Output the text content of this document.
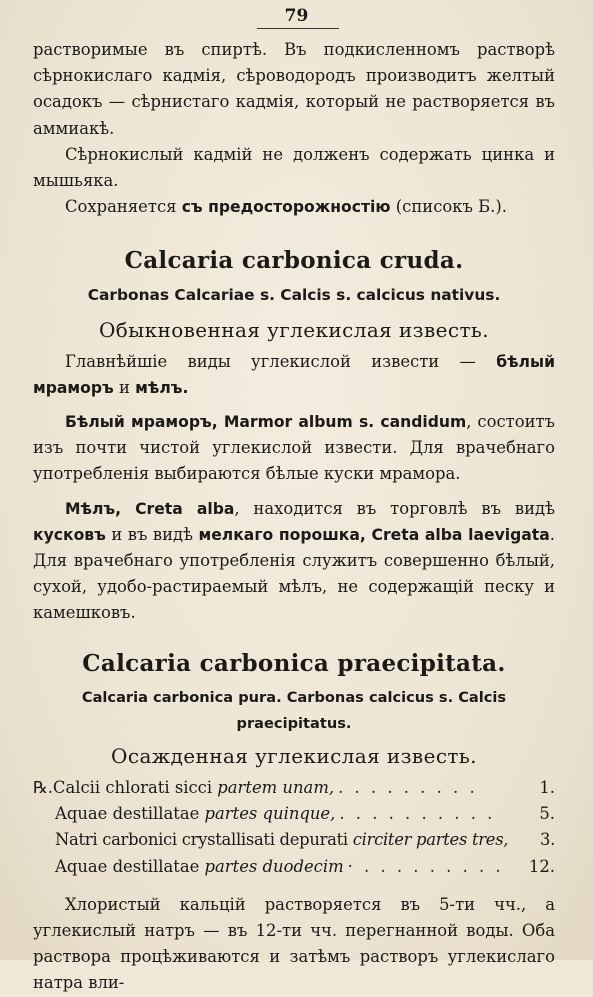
79

растворимые въ спиртѣ. Въ подкисленномъ растворѣ сѣрнокислаго кадмія, сѣроводородъ производитъ желтый осадокъ — сѣрнистаго кадмія, который не растворяется въ аммиакѣ.

Сѣрнокислый кадмій не долженъ содержать цинка и мышьяка.

Сохраняется съ предосторожностію (списокъ Б.).

Calcaria carbonica cruda.
Carbonas Calcariae s. Calcis s. calcicus nativus.
Обыкновенная углекислая известь.

Главнѣйшіе виды углекислой извести — бѣлый мраморъ и мѣлъ.

Бѣлый мраморъ, Marmor album s. candidum, состоитъ изъ почти чистой углекислой извести. Для врачебнаго употребленія выбираются бѣлые куски мрамора.

Мѣлъ, Creta alba, находится въ торговлѣ въ видѣ кусковъ и въ видѣ мелкаго порошка, Creta alba laevigata. Для врачебнаго употребленія служитъ совершенно бѣлый, сухой, удобо-растираемый мѣлъ, не содержащій песку и камешковъ.

Calcaria carbonica praecipitata.
Calcaria carbonica pura. Carbonas calcicus s. Calcis praecipitatus.
Осажденная углекислая известь.
℞. Calcii chlorati sicci partem unam, . . . . . . . . .	1.
Aquae destillatae partes quinque, . . . . . . . . . .	5.
Natri carbonici crystallisati depurati circiter partes tres,	3.
Aquae destillatae partes duodecim · . . . . . . . . .	12.

Хлористый кальцій растворяется въ 5-ти чч., а углекислый натръ — въ 12-ти чч. перегнанной воды. Оба раствора процѣживаются и затѣмъ растворъ углекислаго натра вли-
